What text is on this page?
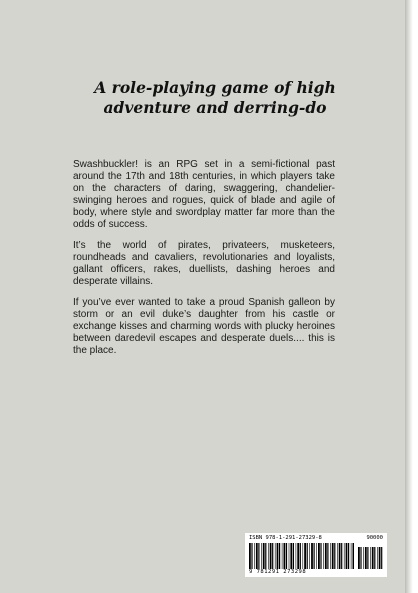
A role-playing game of high
adventure and derring-do

Swashbuckler! is an RPG set in a semi-fictional past around the 17th and 18th centuries, in which players take on the characters of daring, swaggering, chandelier-swinging heroes and rogues, quick of blade and agile of body, where style and swordplay matter far more than the odds of success.

It’s the world of pirates, privateers, musketeers, roundheads and cavaliers, revolutionaries and loyalists, gallant officers, rakes, duellists, dashing heroes and desperate villains.

If you’ve ever wanted to take a proud Spanish galleon by storm or an evil duke’s daughter from his castle or exchange kisses and charming words with plucky heroines between daredevil escapes and desperate duels.... this is the place.

ISBN 978-1-291-27329-8	90000
9 781291 273298
